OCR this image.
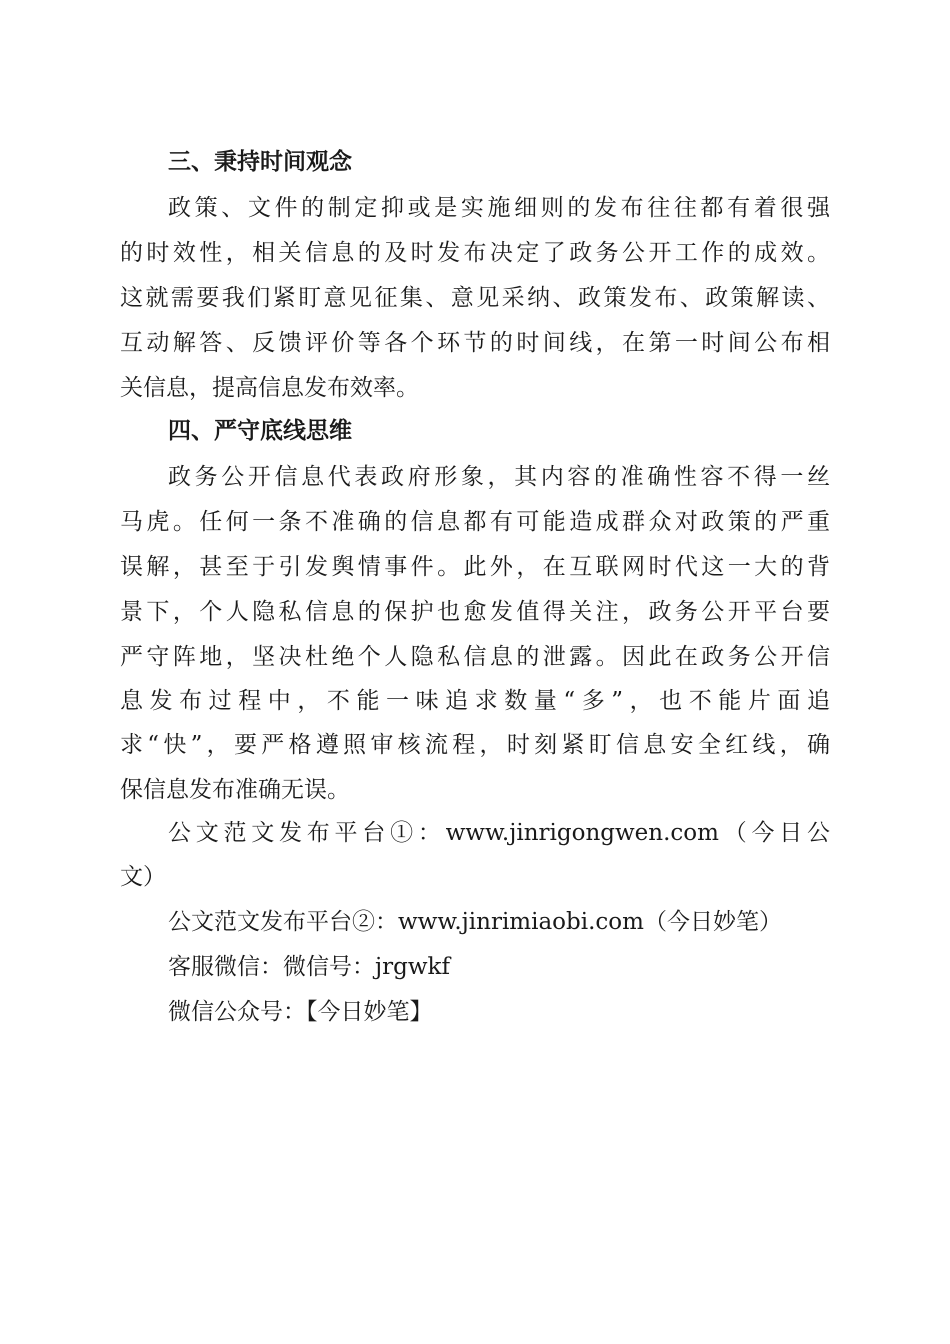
三、秉持时间观念
政策、文件的制定抑或是实施细则的发布往往都有着很强
的时效性，相关信息的及时发布决定了政务公开工作的成效。
这就需要我们紧盯意见征集、意见采纳、政策发布、政策解读、
互动解答、反馈评价等各个环节的时间线，在第一时间公布相
关信息，提高信息发布效率。
四、严守底线思维
政务公开信息代表政府形象，其内容的准确性容不得一丝
马虎。任何一条不准确的信息都有可能造成群众对政策的严重
误解，甚至于引发舆情事件。此外，在互联网时代这一大的背
景下，个人隐私信息的保护也愈发值得关注，政务公开平台要
严守阵地，坚决杜绝个人隐私信息的泄露。因此在政务公开信
息发布过程中，不能一味追求数量“多”，也不能片面追
求“快”，要严格遵照审核流程，时刻紧盯信息安全红线，确
保信息发布准确无误。
公文范文发布平台①：www.jinrigongwen.com（今日公
文）
公文范文发布平台②：www.jinrimiaobi.com（今日妙笔）
客服微信：微信号：jrgwkf
微信公众号：【今日妙笔】
